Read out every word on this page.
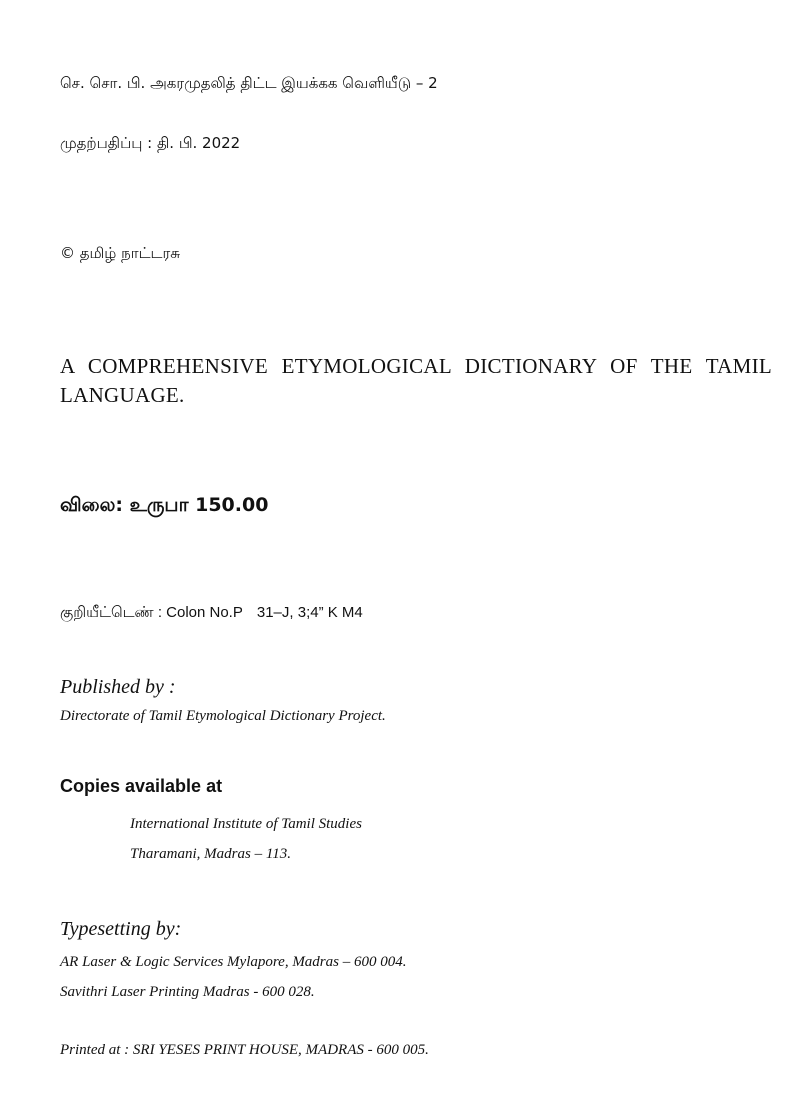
செ. சொ. பி. அகரமுதலித் திட்ட இயக்கக வெளியீடு – 2
முதற்பதிப்பு : தி. பி. 2022
© தமிழ் நாட்டரசு
A COMPREHENSIVE ETYMOLOGICAL DICTIONARY OF THE TAMIL LANGUAGE.
விலை: உருபா 150.00
குறியீட்டெண் : Colon No.P 31–J, 3;4” K M4
Published by :
Directorate of Tamil Etymological Dictionary Project.
Copies available at
International Institute of Tamil Studies
Tharamani, Madras – 113.
Typesetting by:
AR Laser & Logic Services Mylapore, Madras – 600 004.
Savithri Laser Printing Madras - 600 028.
Printed at : SRI YESES PRINT HOUSE, MADRAS - 600 005.
